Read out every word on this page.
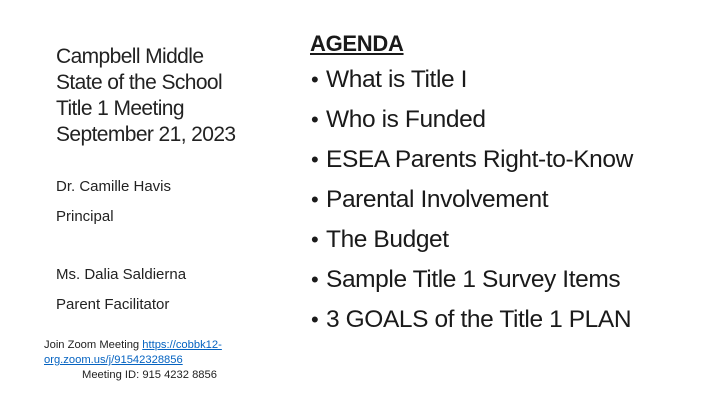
Campbell Middle
State of the School
Title 1 Meeting
September 21, 2023
Dr. Camille Havis
Principal
Ms. Dalia Saldierna
Parent Facilitator
Join Zoom Meeting https://cobbk12-
org.zoom.us/j/91542328856
Meeting ID: 915 4232 8856
AGENDA
• What is Title I
• Who is Funded
• ESEA Parents Right-to-Know
• Parental Involvement
• The Budget
• Sample Title 1 Survey Items
• 3 GOALS of the Title 1 PLAN
